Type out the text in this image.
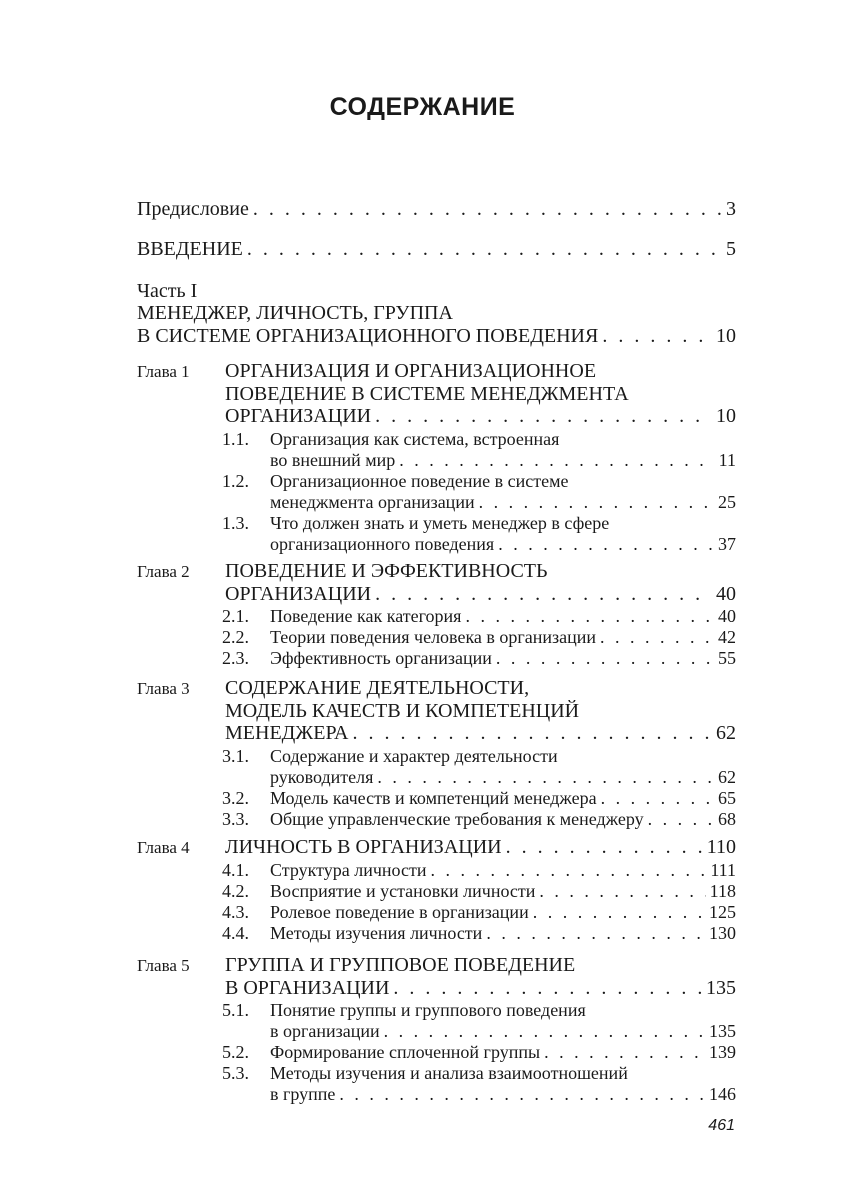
СОДЕРЖАНИЕ
Предисловие . . .	3
ВВЕДЕНИЕ . . .	5
Часть I
МЕНЕДЖЕР, ЛИЧНОСТЬ, ГРУППА
В СИСТЕМЕ ОРГАНИЗАЦИОННОГО ПОВЕДЕНИЯ . . .	10
Глава 1 ОРГАНИЗАЦИЯ И ОРГАНИЗАЦИОННОЕ
ПОВЕДЕНИЕ В СИСТЕМЕ МЕНЕДЖМЕНТА
ОРГАНИЗАЦИИ . . .	10
1.1. Организация как система, встроенная
во внешний мир . . .	11
1.2. Организационное поведение в системе
менеджмента организации . . .	25
1.3. Что должен знать и уметь менеджер в сфере
организационного поведения . . .	37
Глава 2 ПОВЕДЕНИЕ И ЭФФЕКТИВНОСТЬ
ОРГАНИЗАЦИИ . . .	40
2.1. Поведение как категория . . .	40
2.2. Теории поведения человека в организации . . .	42
2.3. Эффективность организации . . .	55
Глава 3 СОДЕРЖАНИЕ ДЕЯТЕЛЬНОСТИ,
МОДЕЛЬ КАЧЕСТВ И КОМПЕТЕНЦИЙ
МЕНЕДЖЕРА . . .	62
3.1. Содержание и характер деятельности
руководителя . . .	62
3.2. Модель качеств и компетенций менеджера . . .	65
3.3. Общие управленческие требования к менеджеру . . .	68
Глава 4 ЛИЧНОСТЬ В ОРГАНИЗАЦИИ . . .	110
4.1. Структура личности . . .	111
4.2. Восприятие и установки личности . . .	118
4.3. Ролевое поведение в организации . . .	125
4.4. Методы изучения личности . . .	130
Глава 5 ГРУППА И ГРУППОВОЕ ПОВЕДЕНИЕ
В ОРГАНИЗАЦИИ . . .	135
5.1. Понятие группы и группового поведения
в организации . . .	135
5.2. Формирование сплоченной группы . . .	139
5.3. Методы изучения и анализа взаимоотношений
в группе . . .	146
461
